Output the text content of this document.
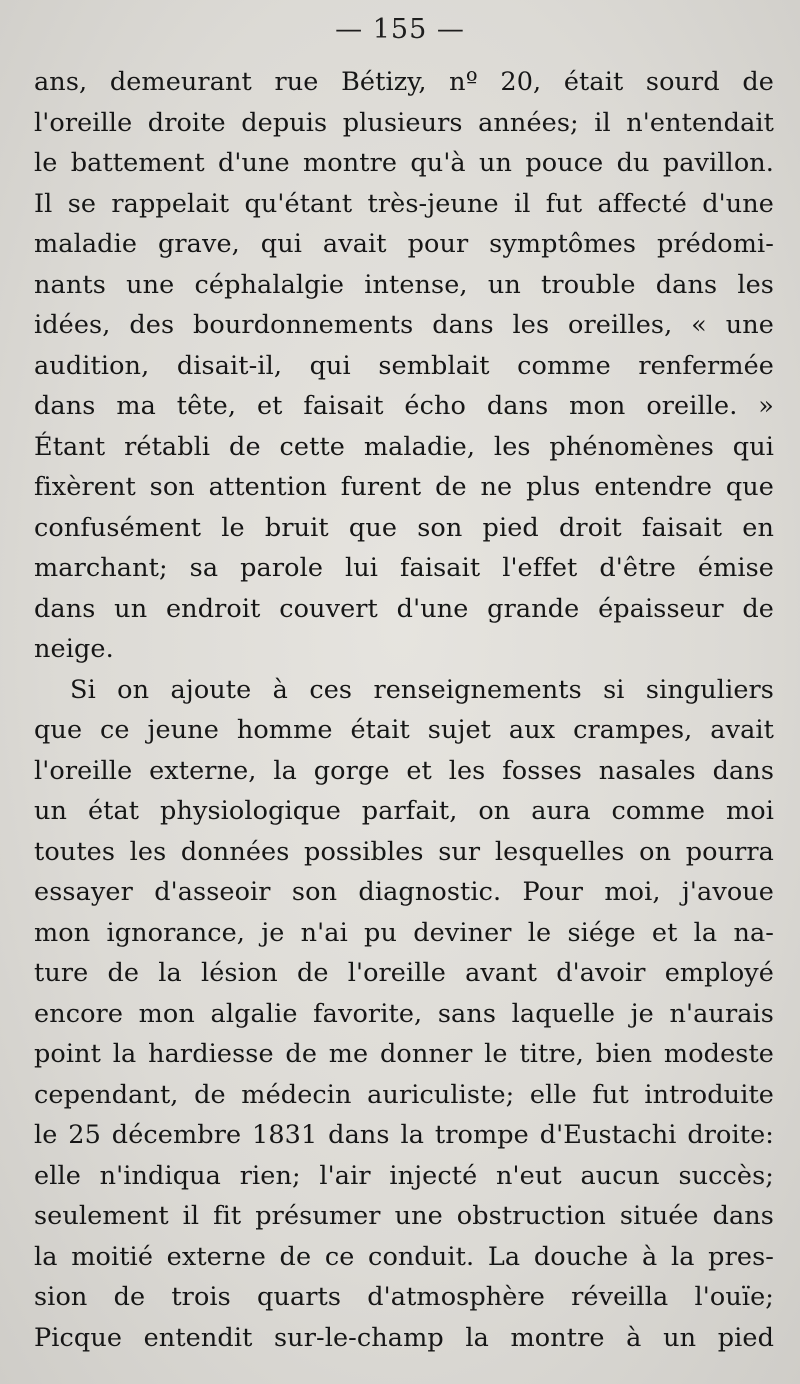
— 155 —
ans, demeurant rue Bétizy, nº 20, était sourd de
l'oreille droite depuis plusieurs années; il n'entendait
le battement d'une montre qu'à un pouce du pavillon.
Il se rappelait qu'étant très-jeune il fut affecté d'une
maladie grave, qui avait pour symptômes prédomi-
nants une céphalalgie intense, un trouble dans les
idées, des bourdonnements dans les oreilles, « une
audition, disait-il, qui semblait comme renfermée
dans ma tête, et faisait écho dans mon oreille. »
Étant rétabli de cette maladie, les phénomènes qui
fixèrent son attention furent de ne plus entendre que
confusément le bruit que son pied droit faisait en
marchant; sa parole lui faisait l'effet d'être émise
dans un endroit couvert d'une grande épaisseur de
neige.
Si on ajoute à ces renseignements si singuliers
que ce jeune homme était sujet aux crampes, avait
l'oreille externe, la gorge et les fosses nasales dans
un état physiologique parfait, on aura comme moi
toutes les données possibles sur lesquelles on pourra
essayer d'asseoir son diagnostic. Pour moi, j'avoue
mon ignorance, je n'ai pu deviner le siége et la na-
ture de la lésion de l'oreille avant d'avoir employé
encore mon algalie favorite, sans laquelle je n'aurais
point la hardiesse de me donner le titre, bien modeste
cependant, de médecin auriculiste; elle fut introduite
le 25 décembre 1831 dans la trompe d'Eustachi droite:
elle n'indiqua rien; l'air injecté n'eut aucun succès;
seulement il fit présumer une obstruction située dans
la moitié externe de ce conduit. La douche à la pres-
sion de trois quarts d'atmosphère réveilla l'ouïe;
Picque entendit sur-le-champ la montre à un pied
